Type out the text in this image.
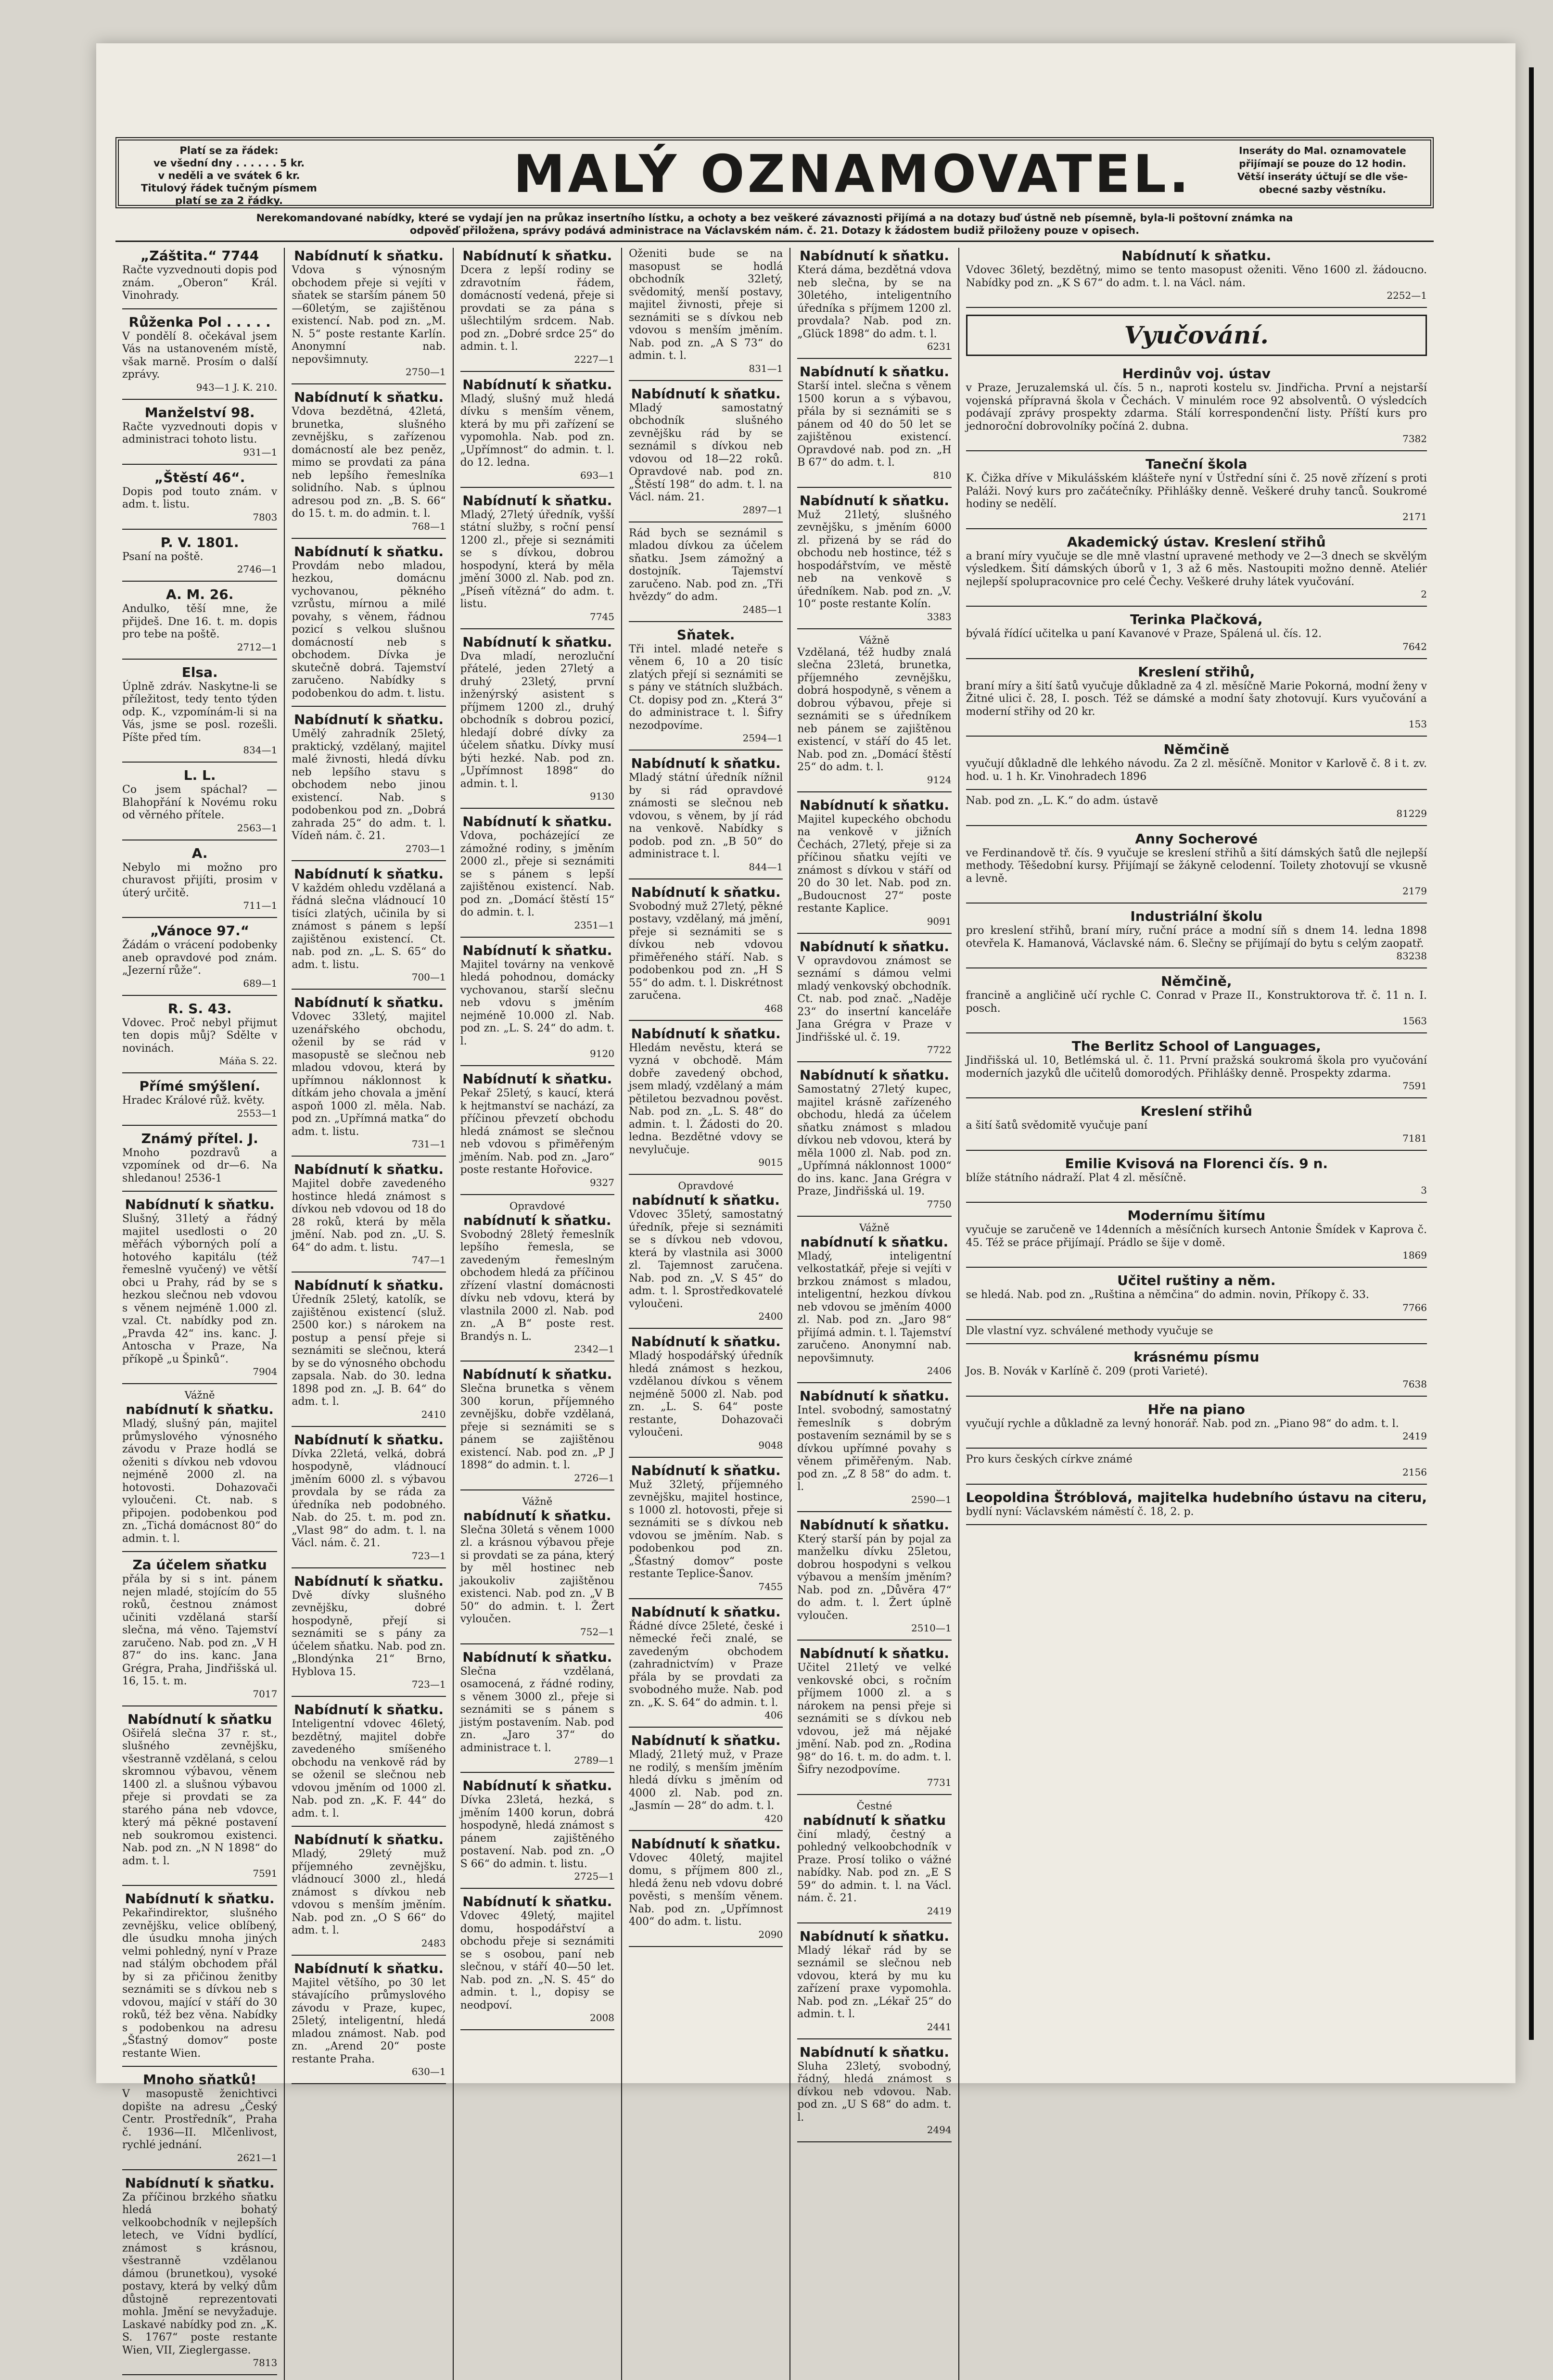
Platí se za řádek:
ve všední dny . . . . . . 5 kr.
v neděli a ve svátek 6 kr.
Titulový řádek tučným písmem
platí se za 2 řádky.	MALÝ OZNAMOVATEL.	Inseráty do Mal. oznamovatele
přijímají se pouze do 12 hodin.
Větší inseráty účtují se dle vše-
obecné sazby věstníku.
Nerekomandované nabídky, které se vydají jen na průkaz insertního lístku, a ochoty a bez veškeré závaznosti přijímá a na dotazy buď ústně neb písemně, byla-li poštovní známka na
odpověď přiložena, správy podává administrace na Václavském nám. č. 21. Dotazy k žádostem budiž přiloženy pouze v opisech.
„Záštita.“ 7744

Račte vyzvednouti dopis pod znám. „Oberon“ Král. Vinohrady.

Růženka Pol . . . . .

V pondělí 8. očekával jsem Vás na ustanoveném místě, však marně. Prosím o další zprávy.

943—1 J. K. 210.
Manželství 98.

Račte vyzvednouti dopis v administraci tohoto listu.

931—1
„Štěstí 46“.

Dopis pod touto znám. v adm. t. listu.

7803
P. V. 1801.

Psaní na poště.

2746—1
A. M. 26.

Andulko, těší mne, že přijdeš. Dne 16. t. m. dopis pro tebe na poště.

2712—1
Elsa.

Úplně zdráv. Naskytne-li se příležitost, tedy tento týden odp. K., vzpomínám-li si na Vás, jsme se posl. rozešli. Píšte před tím.

834—1
L. L.

Co jsem spáchal? — Blahopřání k Novému roku od věrného přítele.

2563—1
A.

Nebylo mi možno pro churavost přijíti, prosim v úterý určitě.

711—1
„Vánoce 97.“

Žádám o vrácení podobenky aneb opravdové pod znám. „Jezerní růže“.

689—1
R. S. 43.

Vdovec. Proč nebyl přijmut ten dopis můj? Sdělte v novinách.

Máňa S. 22.
Přímé smýšlení.

Hradec Králové růž. květy.

2553—1
Známý přítel. J.

Mnoho pozdravů a vzpomínek od dr—6. Na shledanou! 2536-1

Nabídnutí k sňatku.

Slušný, 31letý a řádný majitel usedlosti o 20 měřách výborných polí a hotového kapitálu (též řemeslně vyučený) ve větší obci u Prahy, rád by se s hezkou slečnou neb vdovou s věnem nejméně 1.000 zl. vzal. Ct. nabídky pod zn. „Pravda 42“ ins. kanc. J. Antoscha v Praze, Na příkopě „u Špinků“.

7904
Vážně
nabídnutí k sňatku.

Mladý, slušný pán, majitel průmyslového výnosného závodu v Praze hodlá se oženiti s dívkou neb vdovou nejméně 2000 zl. na hotovosti. Dohazovači vyloučeni. Ct. nab. s připojen. podobenkou pod zn. „Tichá domácnost 80“ do admin. t. l.

Za účelem sňatku

přála by si s int. pánem nejen mladé, stojícím do 55 roků, čestnou známost učiniti vzdělaná starší slečna, má věno. Tajemství zaručeno. Nab. pod zn. „V H 87“ do ins. kanc. Jana Grégra, Praha, Jindřišská ul. 16, 15. t. m.

7017
Nabídnutí k sňatku

Ošiřelá slečna 37 r. st., slušného zevnějšku, všestranně vzdělaná, s celou skromnou výbavou, věnem 1400 zl. a slušnou výbavou přeje si provdati se za starého pána neb vdovce, který má pěkné postavení neb soukromou existenci. Nab. pod zn. „N N 1898“ do adm. t. l.

7591
Nabídnutí k sňatku.

Pekařindirektor, slušného zevnějšku, velice oblíbený, dle úsudku mnoha jiných velmi pohledný, nyní v Praze nad stálým obchodem přál by si za přičinou ženitby seznámiti se s dívkou neb s vdovou, mající v stáří do 30 roků, též bez věna. Nabídky s podobenkou na adresu „Šťastný domov“ poste restante Wien.

Mnoho sňatků!

V masopustě ženichtivci dopište na adresu „Český Centr. Prostředník“, Praha č. 1936—II. Mlčenlivost, rychlé jednání.

2621—1
Nabídnutí k sňatku.

Za příčinou brzkého sňatku hledá bohatý velkoobchodník v nejlepších letech, ve Vídni bydlící, známost s krásnou, všestranně vzdělanou dámou (brunetkou), vysoké postavy, která by velký dům důstojně reprezentovati mohla. Jmění se nevyžaduje. Laskavé nabídky pod zn. „K. S. 1767“ poste restante Wien, VII, Zieglergasse.

7813
Nabídnutí k sňatku.

Vdova s výnosným obchodem přeje si vejíti v sňatek se starším pánem 50—60letým, se zajištěnou existencí. Nab. pod zn. „M. N. 5“ poste restante Karlín. Anonymní nab. nepovšimnuty.

2750—1
Nabídnutí k sňatku.

Vdova bezdětná, 42letá, brunetka, slušného zevnějšku, s zařízenou domácností ale bez peněz, mimo se provdati za pána neb lepšího řemeslníka solidního. Nab. s úplnou adresou pod zn. „B. S. 66“ do 15. t. m. do admin. t. l.

768—1
Nabídnutí k sňatku.

Provdám nebo mladou, hezkou, domácnu vychovanou, pěkného vzrůstu, mírnou a milé povahy, s věnem, řádnou pozicí s velkou slušnou domácností neb s obchodem. Dívka je skutečně dobrá. Tajemství zaručeno. Nabídky s podobenkou do adm. t. listu.

Nabídnutí k sňatku.

Umělý zahradník 25letý, praktický, vzdělaný, majitel malé živnosti, hledá dívku neb lepšího stavu s obchodem nebo jinou existencí. Nab. s podobenkou pod zn. „Dobrá zahrada 25“ do adm. t. l. Vídeň nám. č. 21.

2703—1
Nabídnutí k sňatku.

V každém ohledu vzdělaná a řádná slečna vládnoucí 10 tisíci zlatých, učinila by si známost s pánem s lepší zajištěnou existencí. Ct. nab. pod zn. „L. S. 65“ do adm. t. listu.

700—1
Nabídnutí k sňatku.

Vdovec 33letý, majitel uzenářského obchodu, oženil by se rád v masopustě se slečnou neb mladou vdovou, která by upřímnou náklonnost k dítkám jeho chovala a jmění aspoň 1000 zl. měla. Nab. pod zn. „Upřímná matka“ do adm. t. listu.

731—1
Nabídnutí k sňatku.

Majitel dobře zavedeného hostince hledá známost s dívkou neb vdovou od 18 do 28 roků, která by měla jmění. Nab. pod zn. „U. S. 64“ do adm. t. listu.

747—1
Nabídnutí k sňatku.

Úředník 25letý, katolík, se zajištěnou existencí (služ. 2500 kor.) s nárokem na postup a pensí přeje si seznámiti se slečnou, která by se do výnosného obchodu zapsala. Nab. do 30. ledna 1898 pod zn. „J. B. 64“ do adm. t. l.

2410
Nabídnutí k sňatku.

Dívka 22letá, velká, dobrá hospodyně, vládnoucí jměním 6000 zl. s výbavou provdala by se ráda za úředníka neb podobného. Nab. do 25. t. m. pod zn. „Vlast 98“ do adm. t. l. na Václ. nám. č. 21.

723—1
Nabídnutí k sňatku.

Dvě dívky slušného zevnějšku, dobré hospodyně, přejí si seznámiti se s pány za účelem sňatku. Nab. pod zn. „Blondýnka 21“ Brno, Hyblova 15.

723—1
Nabídnutí k sňatku.

Inteligentní vdovec 46letý, bezdětný, majitel dobře zavedeného smíšeného obchodu na venkově rád by se oženil se slečnou neb vdovou jměním od 1000 zl. Nab. pod zn. „K. F. 44“ do adm. t. l.

Nabídnutí k sňatku.

Mladý, 29letý muž příjemného zevnějšku, vládnoucí 3000 zl., hledá známost s dívkou neb vdovou s menším jměním. Nab. pod zn. „O S 66“ do adm. t. l.

2483
Nabídnutí k sňatku.

Majitel většího, po 30 let stávajícího průmyslového závodu v Praze, kupec, 25letý, inteligentní, hledá mladou známost. Nab. pod zn. „Arend 20“ poste restante Praha.

630—1
Nabídnutí k sňatku.

Dcera z lepší rodiny se zdravotním řádem, domácností vedená, přeje si provdati se za pána s ušlechtilým srdcem. Nab. pod zn. „Dobré srdce 25“ do admin. t. l.

2227—1
Nabídnutí k sňatku.

Mladý, slušný muž hledá dívku s menším věnem, která by mu při zařízení se vypomohla. Nab. pod zn. „Upřímnost“ do admin. t. l. do 12. ledna.

693—1
Nabídnutí k sňatku.

Mladý, 27letý úředník, vyšší státní služby, s roční pensí 1200 zl., přeje si seznámiti se s dívkou, dobrou hospodyní, která by měla jmění 3000 zl. Nab. pod zn. „Píseň vítězná“ do adm. t. listu.

7745
Nabídnutí k sňatku.

Dva mladí, nerozluční přátelé, jeden 27letý a druhý 23letý, první inženýrský asistent s příjmem 1200 zl., druhý obchodník s dobrou pozicí, hledají dobré dívky za účelem sňatku. Dívky musí býti hezké. Nab. pod zn. „Upřímnost 1898“ do admin. t. l.

9130
Nabídnutí k sňatku.

Vdova, pocházející ze zámožné rodiny, s jměním 2000 zl., přeje si seznámiti se s pánem s lepší zajištěnou existencí. Nab. pod zn. „Domácí štěstí 15“ do admin. t. l.

2351—1
Nabídnutí k sňatku.

Majitel továrny na venkově hledá pohodnou, domácky vychovanou, starší slečnu neb vdovu s jměním nejméně 10.000 zl. Nab. pod zn. „L. S. 24“ do adm. t. l.

9120
Nabídnutí k sňatku.

Pekař 25letý, s kaucí, která k hejtmanství se nachází, za příčinou převzetí obchodu hledá známost se slečnou neb vdovou s přiměřeným jměním. Nab. pod zn. „Jaro“ poste restante Hořovice.

9327
Opravdové
nabídnutí k sňatku.

Svobodný 28letý řemeslník lepšího řemesla, se zavedeným řemeslným obchodem hledá za příčinou zřízení vlastní domácnosti dívku neb vdovu, která by vlastnila 2000 zl. Nab. pod zn. „A B“ poste rest. Brandýs n. L.

2342—1
Nabídnutí k sňatku.

Slečna brunetka s věnem 300 korun, příjemného zevnějšku, dobře vzdělaná, přeje si seznámiti se s pánem se zajištěnou existencí. Nab. pod zn. „P J 1898“ do admin. t. l.

2726—1
Vážně
nabídnutí k sňatku.

Slečna 30letá s věnem 1000 zl. a krásnou výbavou přeje si provdati se za pána, který by měl hostinec neb jakoukoliv zajištěnou existenci. Nab. pod zn. „V B 50“ do admin. t. l. Žert vyloučen.

752—1
Nabídnutí k sňatku.

Slečna vzdělaná, osamocená, z řádné rodiny, s věnem 3000 zl., přeje si seznámiti se s pánem s jistým postavením. Nab. pod zn. „Jaro 37“ do administrace t. l.

2789—1
Nabídnutí k sňatku.

Dívka 23letá, hezká, s jměním 1400 korun, dobrá hospodyně, hledá známost s pánem zajištěného postavení. Nab. pod zn. „O S 66“ do admin. t. listu.

2725—1
Nabídnutí k sňatku.

Vdovec 49letý, majitel domu, hospodářství a obchodu přeje si seznámiti se s osobou, paní neb slečnou, v stáří 40—50 let. Nab. pod zn. „N. S. 45“ do admin. t. l., dopisy se neodpoví.

2008

Oženiti bude se na masopust se hodlá obchodník 32letý, svědomitý, menší postavy, majitel živnosti, přeje si seznámiti se s dívkou neb vdovou s menším jměním. Nab. pod zn. „A S 73“ do admin. t. l.

831—1
Nabídnutí k sňatku.

Mladý samostatný obchodník slušného zevnějšku rád by se seznámil s dívkou neb vdovou od 18—22 roků. Opravdové nab. pod zn. „Štěstí 198“ do adm. t. l. na Václ. nám. 21.

2897—1

Rád bych se seznámil s mladou dívkou za účelem sňatku. Jsem zámožný a dostojník. Tajemství zaručeno. Nab. pod zn. „Tři hvězdy“ do adm.

2485—1
Sňatek.

Tři intel. mladé neteře s věnem 6, 10 a 20 tisíc zlatých přejí si seznámiti se s pány ve státních službách. Ct. dopisy pod zn. „Která 3“ do administrace t. l. Šifry nezodpovíme.

2594—1
Nabídnutí k sňatku.

Mladý státní úředník nížnil by si rád opravdové známosti se slečnou neb vdovou, s věnem, by jí rád na venkově. Nabídky s podob. pod zn. „B 50“ do administrace t. l.

844—1
Nabídnutí k sňatku.

Svobodný muž 27letý, pěkné postavy, vzdělaný, má jmění, přeje si seznámiti se s dívkou neb vdovou přiměřeného stáří. Nab. s podobenkou pod zn. „H S 55“ do adm. t. l. Diskrétnost zaručena.

468
Nabídnutí k sňatku.

Hledám nevěstu, která se vyzná v obchodě. Mám dobře zavedený obchod, jsem mladý, vzdělaný a mám pětiletou bezvadnou pověst. Nab. pod zn. „L. S. 48“ do admin. t. l. Žádosti do 20. ledna. Bezdětné vdovy se nevylučuje.

9015
Opravdové
nabídnutí k sňatku.

Vdovec 35letý, samostatný úředník, přeje si seznámiti se s dívkou neb vdovou, která by vlastnila asi 3000 zl. Tajemnost zaručena. Nab. pod zn. „V. S 45“ do adm. t. l. Sprostředkovatelé vyloučeni.

2400
Nabídnutí k sňatku.

Mladý hospodářský úředník hledá známost s hezkou, vzdělanou dívkou s věnem nejméně 5000 zl. Nab. pod zn. „L. S. 64“ poste restante, Dohazovači vyloučeni.

9048
Nabídnutí k sňatku.

Muž 32letý, příjemného zevnějšku, majitel hostince, s 1000 zl. hotovosti, přeje si seznámiti se s dívkou neb vdovou se jměním. Nab. s podobenkou pod zn. „Šťastný domov“ poste restante Teplice-Šanov.

7455
Nabídnutí k sňatku.

Řádné dívce 25leté, české i německé řeči znalé, se zavedeným obchodem (zahradnictvím) v Praze přála by se provdati za svobodného muže. Nab. pod zn. „K. S. 64“ do admin. t. l.

406
Nabídnutí k sňatku.

Mladý, 21letý muž, v Praze ne rodilý, s menším jměním hledá dívku s jměním od 4000 zl. Nab. pod zn. „Jasmín — 28“ do adm. t. l.

420
Nabídnutí k sňatku.

Vdovec 40letý, majitel domu, s příjmem 800 zl., hledá ženu neb vdovu dobré pověsti, s menším věnem. Nab. pod zn. „Upřímnost 400“ do adm. t. listu.

2090
Nabídnutí k sňatku.

Která dáma, bezdětná vdova neb slečna, by se na 30letého, inteligentního úředníka s příjmem 1200 zl. provdala? Nab. pod zn. „Glück 1898“ do adm. t. l.

6231
Nabídnutí k sňatku.

Starší intel. slečna s věnem 1500 korun a s výbavou, přála by si seznámiti se s pánem od 40 do 50 let se zajištěnou existencí. Opravdové nab. pod zn. „H B 67“ do adm. t. l.

810
Nabídnutí k sňatku.

Muž 21letý, slušného zevnějšku, s jměním 6000 zl. přizená by se rád do obchodu neb hostince, též s hospodářstvím, ve městě neb na venkově s úředníkem. Nab. pod zn. „V. 10“ poste restante Kolín.

3383
Vážně

Vzdělaná, též hudby znalá slečna 23letá, brunetka, příjemného zevnějšku, dobrá hospodyně, s věnem a dobrou výbavou, přeje si seznámiti se s úředníkem neb pánem se zajištěnou existencí, v stáří do 45 let. Nab. pod zn. „Domácí štěstí 25“ do adm. t. l.

9124
Nabídnutí k sňatku.

Majitel kupeckého obchodu na venkově v jižních Čechách, 27letý, přeje si za příčinou sňatku vejíti ve známost s dívkou v stáří od 20 do 30 let. Nab. pod zn. „Budoucnost 27“ poste restante Kaplice.

9091
Nabídnutí k sňatku.

V opravdovou známost se seznámí s dámou velmi mladý venkovský obchodník. Ct. nab. pod znač. „Naděje 23“ do insertní kanceláře Jana Grégra v Praze v Jindřišské ul. č. 19.

7722
Nabídnutí k sňatku.

Samostatný 27letý kupec, majitel krásně zařízeného obchodu, hledá za účelem sňatku známost s mladou dívkou neb vdovou, která by měla 1000 zl. Nab. pod zn. „Upřímná náklonnost 1000“ do ins. kanc. Jana Grégra v Praze, Jindřišská ul. 19.

7750
Vážně
nabídnutí k sňatku.

Mladý, inteligentní velkostatkář, přeje si vejíti v brzkou známost s mladou, inteligentní, hezkou dívkou neb vdovou se jměním 4000 zl. Nab. pod zn. „Jaro 98“ přijímá admin. t. l. Tajemství zaručeno. Anonymní nab. nepovšimnuty.

2406
Nabídnutí k sňatku.

Intel. svobodný, samostatný řemeslník s dobrým postavením seznámil by se s dívkou upřímné povahy s věnem přiměřeným. Nab. pod zn. „Z 8 58“ do adm. t. l.

2590—1
Nabídnutí k sňatku.

Který starší pán by pojal za manželku dívku 25letou, dobrou hospodyni s velkou výbavou a menším jměním? Nab. pod zn. „Důvěra 47“ do adm. t. l. Žert úplně vyloučen.

2510—1
Nabídnutí k sňatku.

Učitel 21letý ve velké venkovské obci, s ročním příjmem 1000 zl. a s nárokem na pensi přeje si seznámiti se s dívkou neb vdovou, jež má nějaké jmění. Nab. pod zn. „Rodina 98“ do 16. t. m. do adm. t. l. Šifry nezodpovíme.

7731
Čestné
nabídnutí k sňatku

činí mladý, čestný a pohledný velkoobchodník v Praze. Prosí toliko o vážné nabídky. Nab. pod zn. „E S 59“ do admin. t. l. na Václ. nám. č. 21.

2419
Nabídnutí k sňatku.

Mladý lékař rád by se seznámil se slečnou neb vdovou, která by mu ku zařízení praxe vypomohla. Nab. pod zn. „Lékař 25“ do admin. t. l.

2441
Nabídnutí k sňatku.

Sluha 23letý, svobodný, řádný, hledá známost s dívkou neb vdovou. Nab. pod zn. „U S 68“ do adm. t. l.

2494
Nabídnutí k sňatku.

Vdovec 36letý, bezdětný, mimo se tento masopust oženiti. Věno 1600 zl. žádoucno. Nabídky pod zn. „K S 67“ do adm. t. l. na Václ. nám.

2252—1
Vyučování.
Herdinův voj. ústav

v Praze, Jeruzalemská ul. čís. 5 n., naproti kostelu sv. Jindřicha. První a nejstarší vojenská přípravná škola v Čechách. V minulém roce 92 absolventů. O výsledcích podávají zprávy prospekty zdarma. Stálí korrespondenční listy. Příští kurs pro jednoroční dobrovolníky počíná 2. dubna.

7382
Taneční škola

K. Čižka dříve v Mikulášském klášteře nyní v Ústřední síni č. 25 nově zřízení s proti Paláži. Nový kurs pro začátečníky. Přihlášky denně. Veškeré druhy tanců. Soukromé hodiny se nedělí.

2171
Akademický ústav. Kreslení střihů

a braní míry vyučuje se dle mně vlastní upravené methody ve 2—3 dnech se skvělým výsledkem. Šití dámských úborů v 1, 3 až 6 měs. Nastoupiti možno denně. Ateliér nejlepší spolupracovnice pro celé Čechy. Veškeré druhy látek vyučování.

2
Terinka Plačková,

bývalá řídící učitelka u paní Kavanové v Praze, Spálená ul. čís. 12.

7642
Kreslení střihů,

braní míry a šití šatů vyučuje důkladně za 4 zl. měsíčně Marie Pokorná, modní ženy v Žitné ulici č. 28, I. posch. Též se dámské a modní šaty zhotovují. Kurs vyučování a moderní střihy od 20 kr.

153
Němčině

vyučují důkladně dle lehkého návodu. Za 2 zl. měsíčně. Monitor v Karlově č. 8 i t. zv. hod. u. 1 h. Kr. Vinohradech 1896

Nab. pod zn. „L. K.“ do adm. ústavě

81229
Anny Socherové

ve Ferdinandově tř. čís. 9 vyučuje se kreslení střihů a šití dámských šatů dle nejlepší methody. Těšedobní kursy. Přijímají se žákyně celodenní. Toilety zhotovují se vkusně a levně.

2179
Industriální školu

pro kreslení střihů, braní míry, ruční práce a modní síň s dnem 14. ledna 1898 otevřela K. Hamanová, Václavské nám. 6. Slečny se přijímají do bytu s celým zaopatř.

83238
Němčině,

francině a angličině učí rychle C. Conrad v Praze II., Konstruktorova tř. č. 11 n. I. posch.

1563
The Berlitz School of Languages,

Jindřišská ul. 10, Betlémská ul. č. 11. První pražská soukromá škola pro vyučování moderních jazyků dle učitelů domorodých. Přihlášky denně. Prospekty zdarma.

7591
Kreslení střihů

a šití šatů svědomitě vyučuje paní

7181
Emilie Kvisová na Florenci čís. 9 n.

blíže státního nádraží. Plat 4 zl. měsíčně.

3
Modernímu šitímu

vyučuje se zaručeně ve 14denních a měsíčních kursech Antonie Šmídek v Kaprova č. 45. Též se práce přijímají. Prádlo se šije v domě.

1869
Učitel ruštiny a něm.

se hledá. Nab. pod zn. „Ruština a němčina“ do admin. novin, Příkopy č. 33.

7766

Dle vlastní vyz. schválené methody vyučuje se

krásnému písmu

Jos. B. Novák v Karlíně č. 209 (proti Varieté).

7638
Hře na piano

vyučují rychle a důkladně za levný honorář. Nab. pod zn. „Piano 98“ do adm. t. l.

2419

Pro kurs českých církve známé

2156
Leopoldina Štróblová, majitelka hudebního ústavu na citeru,

bydlí nyní: Václavském náměstí č. 18, 2. p.
